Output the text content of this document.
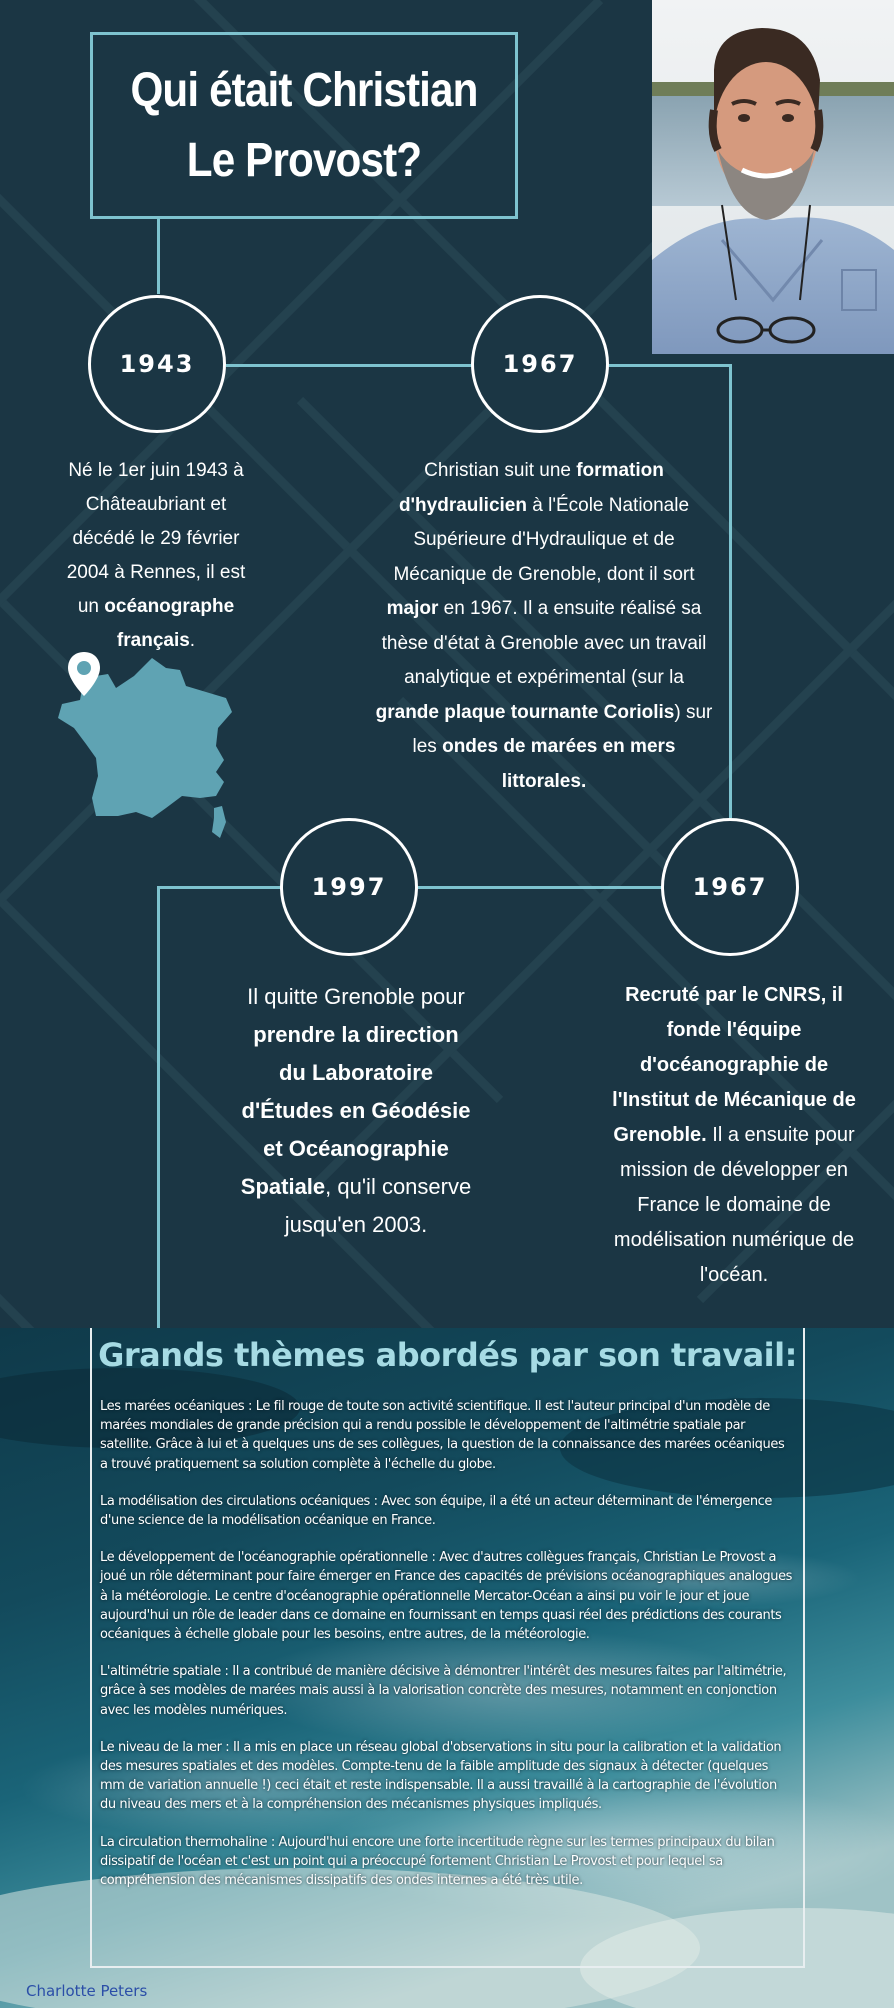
Qui était Christian Le Provost?
1943	1967
1997	1967
Né le 1er juin 1943 à Châteaubriant et décédé le 29 février 2004 à Rennes, il est un océanographe français.
Christian suit une formation d'hydraulicien à l'École Nationale Supérieure d'Hydraulique et de Mécanique de Grenoble, dont il sort major en 1967. Il a ensuite réalisé sa thèse d'état à Grenoble avec un travail analytique et expérimental (sur la grande plaque tournante Coriolis) sur les ondes de marées en mers littorales.
Il quitte Grenoble pour prendre la direction du Laboratoire d'Études en Géodésie et Océanographie Spatiale, qu'il conserve jusqu'en 2003.
Recruté par le CNRS, il fonde l'équipe d'océanographie de l'Institut de Mécanique de Grenoble. Il a ensuite pour mission de développer en France le domaine de modélisation numérique de l'océan.
Grands thèmes abordés par son travail:

Les marées océaniques : Le fil rouge de toute son activité scientifique. Il est l'auteur principal d'un modèle de marées mondiales de grande précision qui a rendu possible le développement de l'altimétrie spatiale par satellite. Grâce à lui et à quelques uns de ses collègues, la question de la connaissance des marées océaniques a trouvé pratiquement sa solution complète à l'échelle du globe.

La modélisation des circulations océaniques : Avec son équipe, il a été un acteur déterminant de l'émergence d'une science de la modélisation océanique en France.

Le développement de l'océanographie opérationnelle : Avec d'autres collègues français, Christian Le Provost a joué un rôle déterminant pour faire émerger en France des capacités de prévisions océanographiques analogues à la météorologie. Le centre d'océanographie opérationnelle Mercator-Océan a ainsi pu voir le jour et joue aujourd'hui un rôle de leader dans ce domaine en fournissant en temps quasi réel des prédictions des courants océaniques à échelle globale pour les besoins, entre autres, de la météorologie.

L'altimétrie spatiale : Il a contribué de manière décisive à démontrer l'intérêt des mesures faites par l'altimétrie, grâce à ses modèles de marées mais aussi à la valorisation concrète des mesures, notamment en conjonction avec les modèles numériques.

Le niveau de la mer : Il a mis en place un réseau global d'observations in situ pour la calibration et la validation des mesures spatiales et des modèles. Compte-tenu de la faible amplitude des signaux à détecter (quelques mm de variation annuelle !) ceci était et reste indispensable. Il a aussi travaillé à la cartographie de l'évolution du niveau des mers et à la compréhension des mécanismes physiques impliqués.

La circulation thermohaline : Aujourd'hui encore une forte incertitude règne sur les termes principaux du bilan dissipatif de l'océan et c'est un point qui a préoccupé fortement Christian Le Provost et pour lequel sa compréhension des mécanismes dissipatifs des ondes internes a été très utile.

Charlotte Peters
